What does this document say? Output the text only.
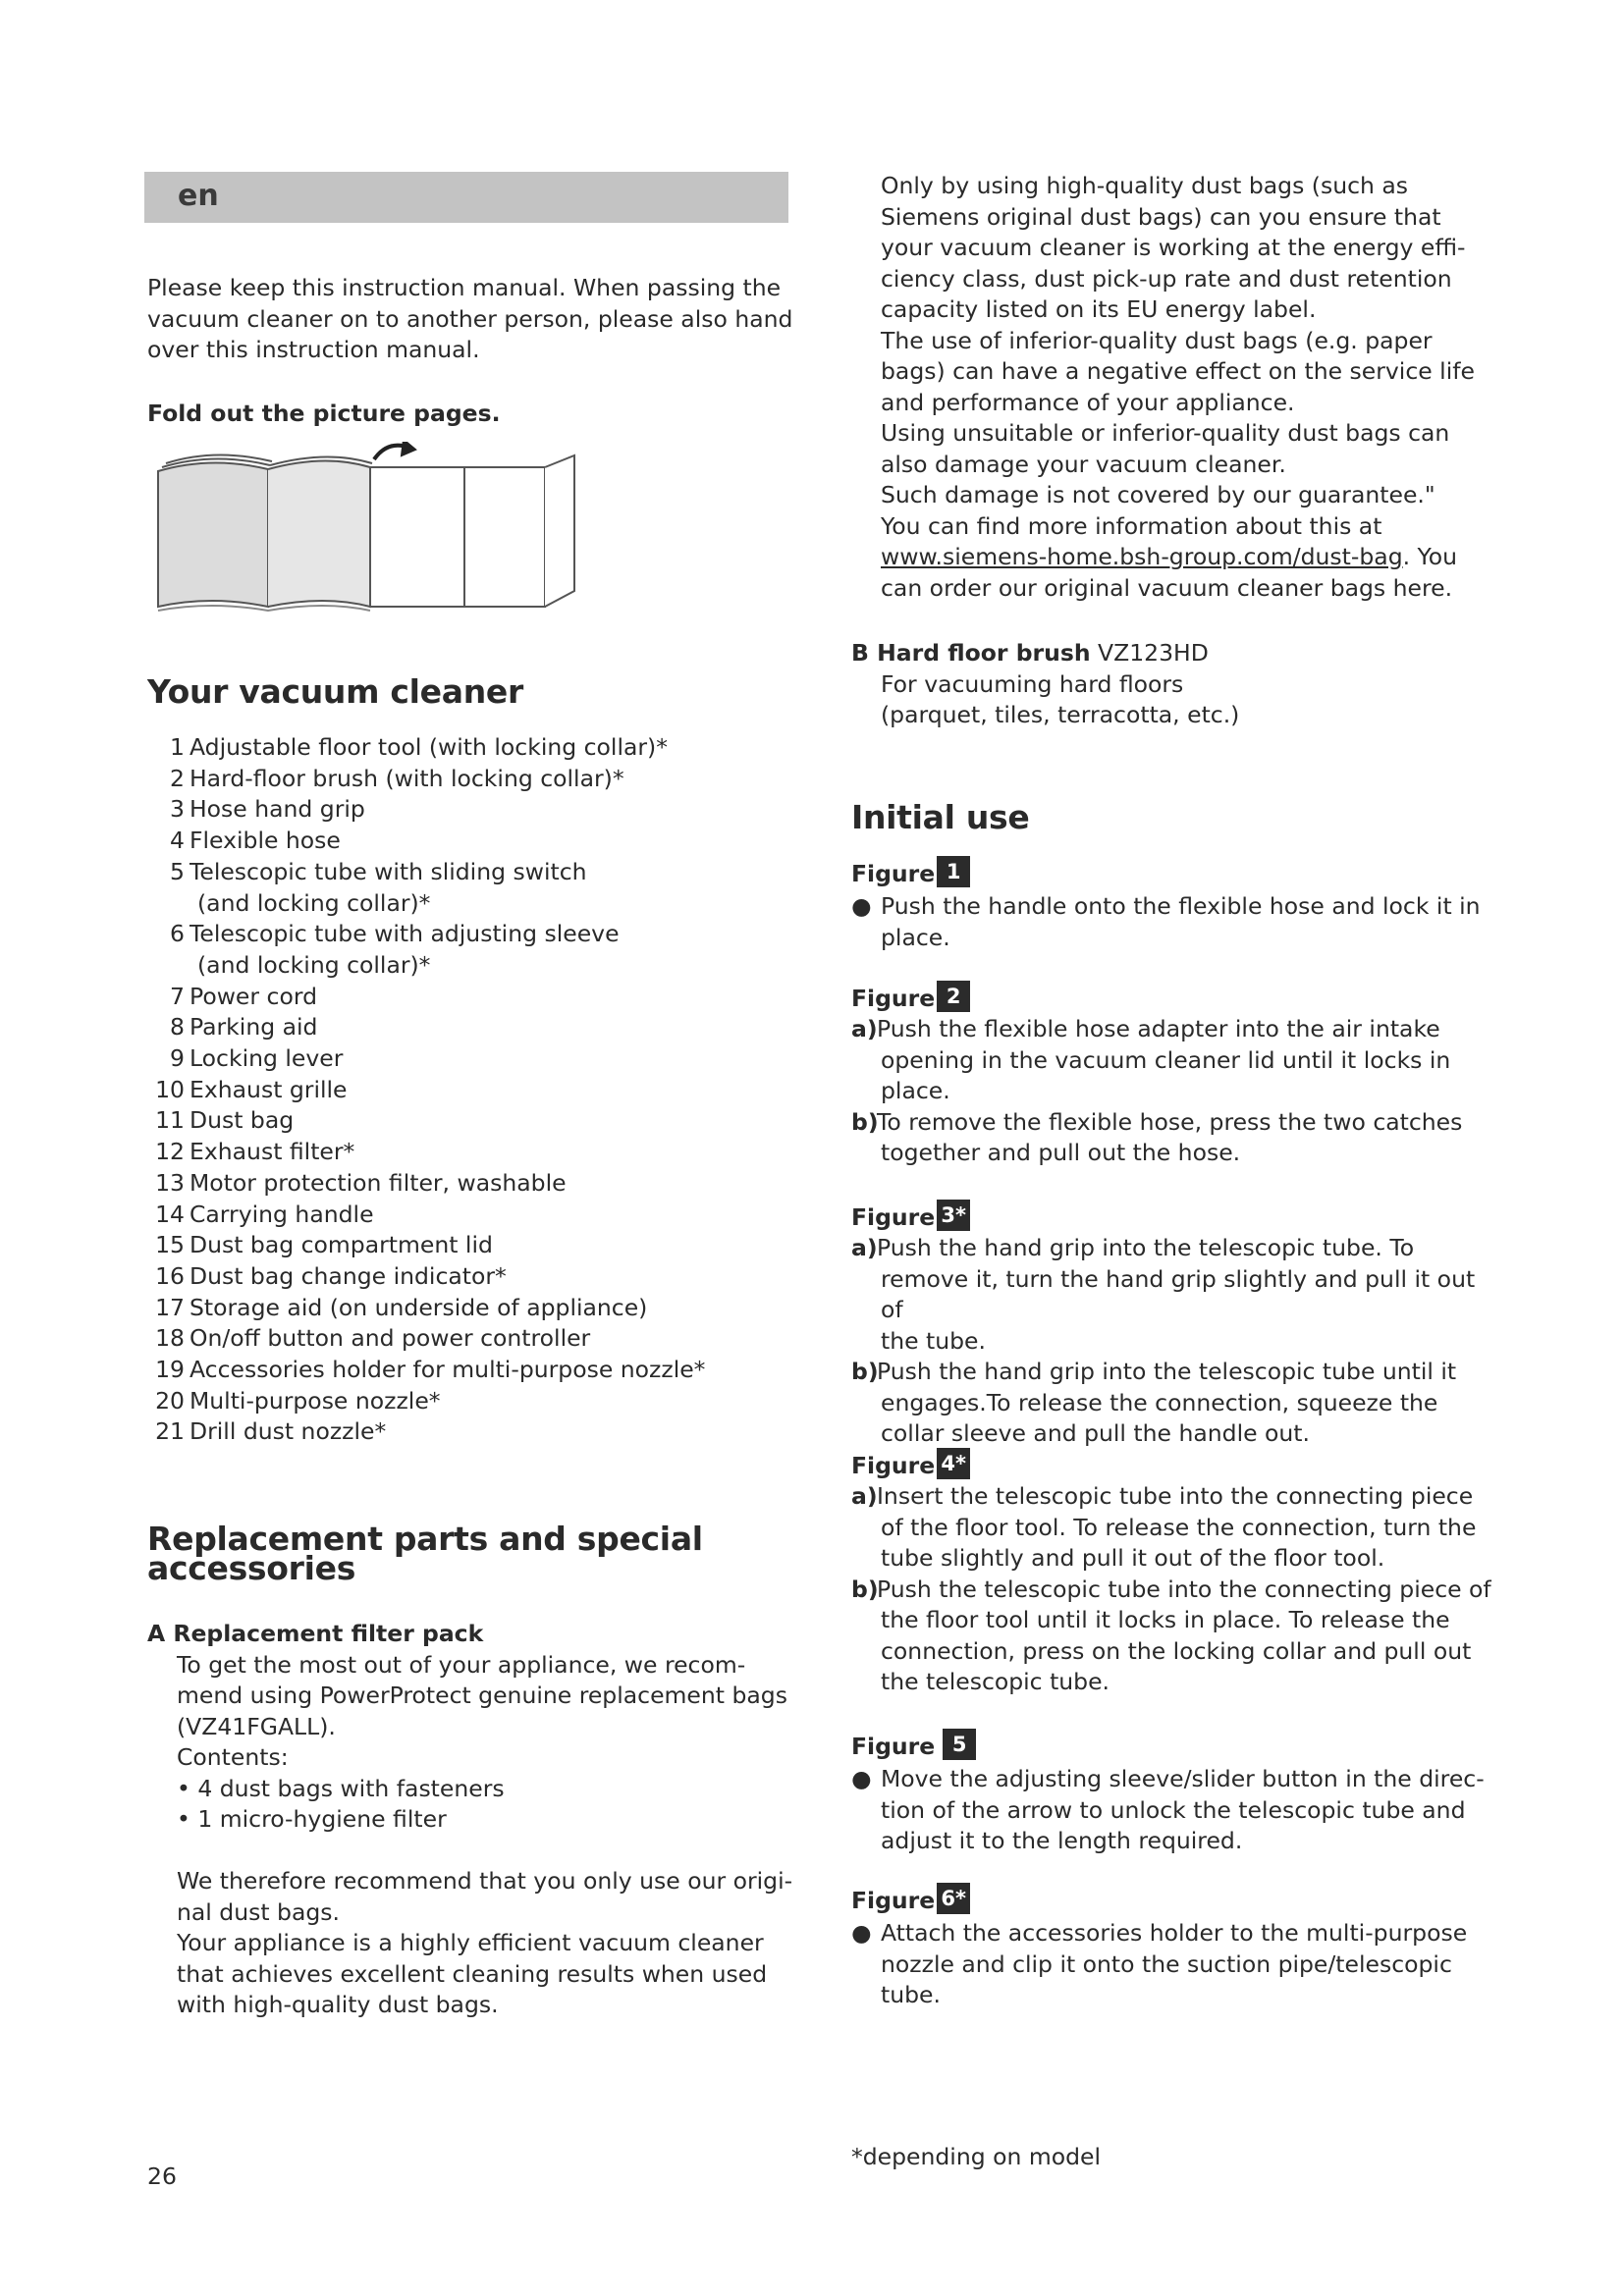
en

Please keep this instruction manual. When passing the

vacuum cleaner on to another person, please also hand

over this instruction manual.

Fold out the picture pages.

Your vacuum cleaner
1 Adjustable floor tool (with locking collar)*
2 Hard-floor brush (with locking collar)*
3 Hose hand grip
4 Flexible hose
5 Telescopic tube with sliding switch
(and locking collar)*
6 Telescopic tube with adjusting sleeve
(and locking collar)*
7 Power cord
8 Parking aid
9 Locking lever
10 Exhaust grille
11 Dust bag
12 Exhaust filter*
13 Motor protection filter, washable
14 Carrying handle
15 Dust bag compartment lid
16 Dust bag change indicator*
17 Storage aid (on underside of appliance)
18 On/off button and power controller
19 Accessories holder for multi-purpose nozzle*
20 Multi-purpose nozzle*
21 Drill dust nozzle*
Replacement parts and special
accessories

A Replacement filter pack

To get the most out of your appliance, we recom-

mend using PowerProtect genuine replacement bags

(VZ41FGALL).

Contents:

• 4 dust bags with fasteners

• 1 micro-hygiene filter

We therefore recommend that you only use our origi-

nal dust bags.

Your appliance is a highly efficient vacuum cleaner

that achieves excellent cleaning results when used

with high-quality dust bags.

Only by using high-quality dust bags (such as

Siemens original dust bags) can you ensure that

your vacuum cleaner is working at the energy effi-

ciency class, dust pick-up rate and dust retention

capacity listed on its EU energy label.

The use of inferior-quality dust bags (e.g. paper

bags) can have a negative effect on the service life

and performance of your appliance.

Using unsuitable or inferior-quality dust bags can

also damage your vacuum cleaner.

Such damage is not covered by our guarantee."

You can find more information about this at

www.siemens-home.bsh-group.com/dust-bag. You

can order our original vacuum cleaner bags here.

B Hard floor brush VZ123HD

For vacuuming hard floors

(parquet, tiles, terracotta, etc.)

Initial use
Figure 1
● Push the handle onto the flexible hose and lock it in
place.
Figure 2
a) Push the flexible hose adapter into the air intake
opening in the vacuum cleaner lid until it locks in
place.
b)
To remove the flexible hose, press the two catches
together and pull out the hose.
Figure 3*
a) Push the hand grip into the telescopic tube. To
remove it, turn the hand grip slightly and pull it out of
the tube.
b)
Push the hand grip into the telescopic tube until it
engages.To release the connection, squeeze the
collar sleeve and pull the handle out.
Figure 4*
a) Insert the telescopic tube into the connecting piece
of the floor tool. To release the connection, turn the
tube slightly and pull it out of the floor tool.
b)
Push the telescopic tube into the connecting piece of
the floor tool until it locks in place. To release the
connection, press on the locking collar and pull out
the telescopic tube.
Figure 5
● Move the adjusting sleeve/slider button in the direc-
tion of the arrow to unlock the telescopic tube and
adjust it to the length required.
Figure 6*
● Attach the accessories holder to the multi-purpose
nozzle and clip it onto the suction pipe/telescopic
tube.
26
*depending on model
